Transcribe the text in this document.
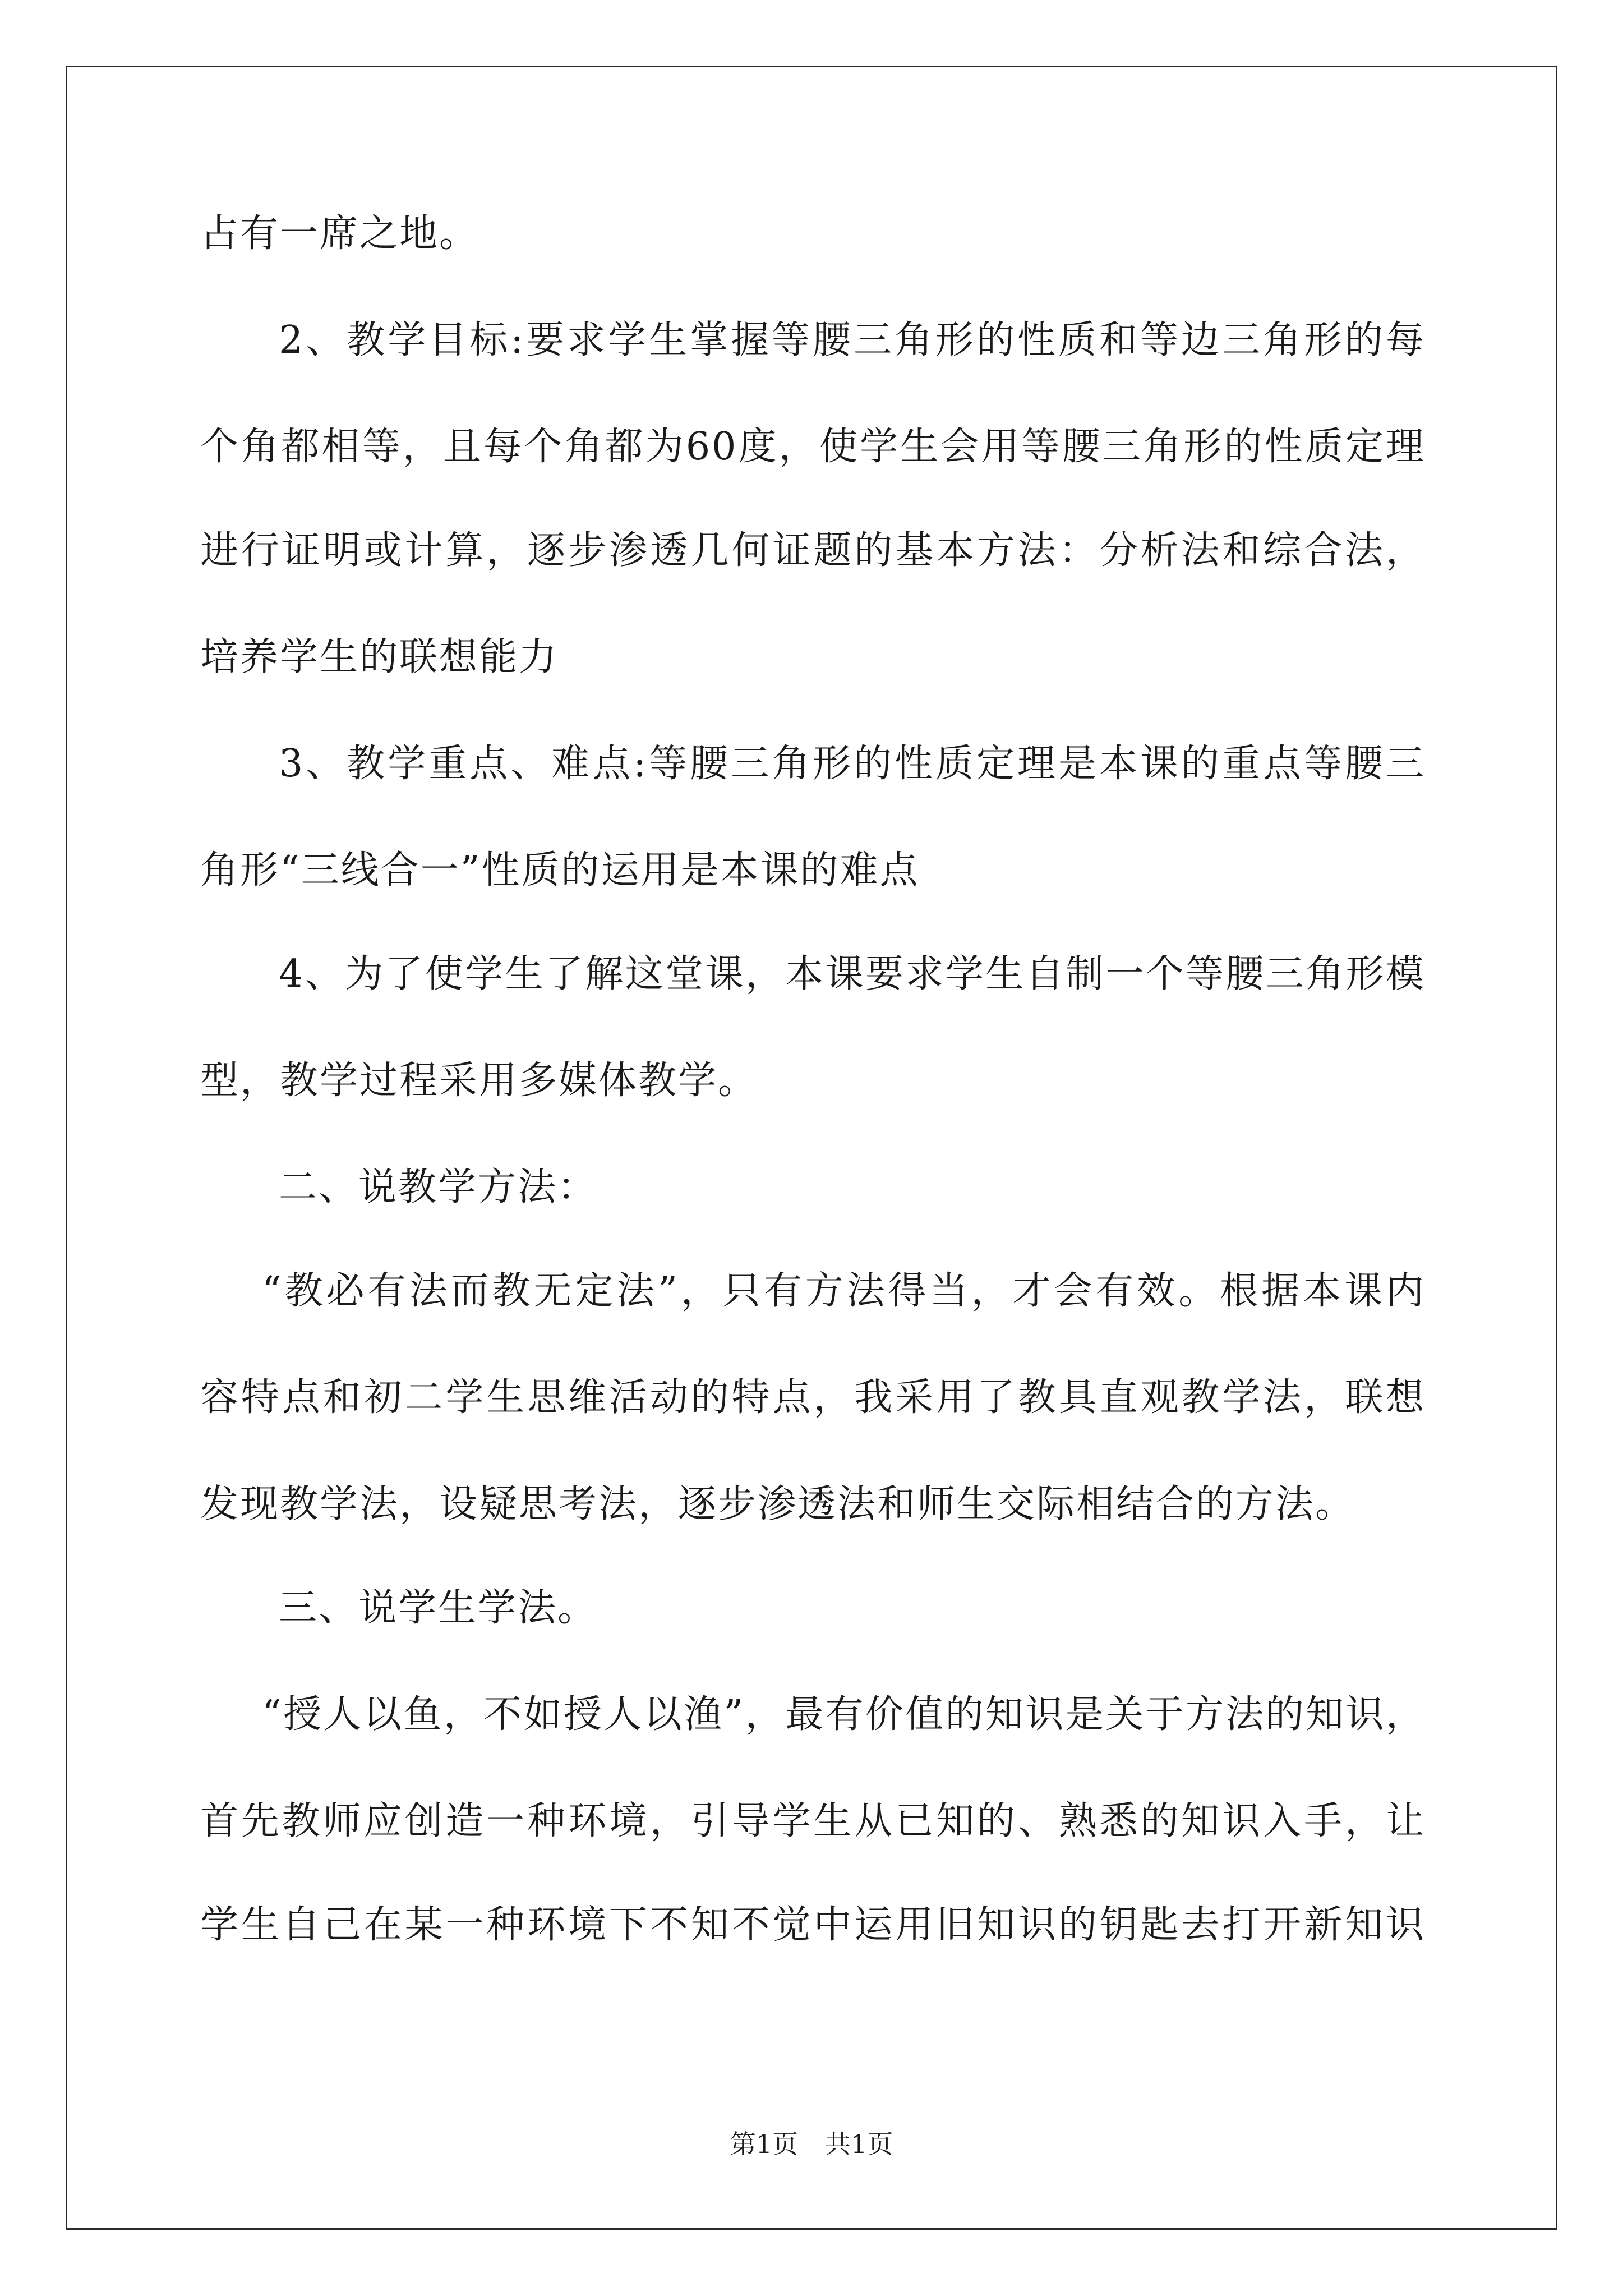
占有一席之地。
2、教学目标:要求学生掌握等腰三角形的性质和等边三角形的每
个角都相等，且每个角都为60度，使学生会用等腰三角形的性质定理
进行证明或计算，逐步渗透几何证题的基本方法：分析法和综合法，
培养学生的联想能力
3、教学重点、难点:等腰三角形的性质定理是本课的重点等腰三
角形“三线合一”性质的运用是本课的难点
4、为了使学生了解这堂课，本课要求学生自制一个等腰三角形模
型，教学过程采用多媒体教学。
二、说教学方法：
“教必有法而教无定法”，只有方法得当，才会有效。根据本课内
容特点和初二学生思维活动的特点，我采用了教具直观教学法，联想
发现教学法，设疑思考法，逐步渗透法和师生交际相结合的方法。
三、说学生学法。
“授人以鱼，不如授人以渔”，最有价值的知识是关于方法的知识，
首先教师应创造一种环境，引导学生从已知的、熟悉的知识入手，让
学生自己在某一种环境下不知不觉中运用旧知识的钥匙去打开新知识
第1页 共1页
